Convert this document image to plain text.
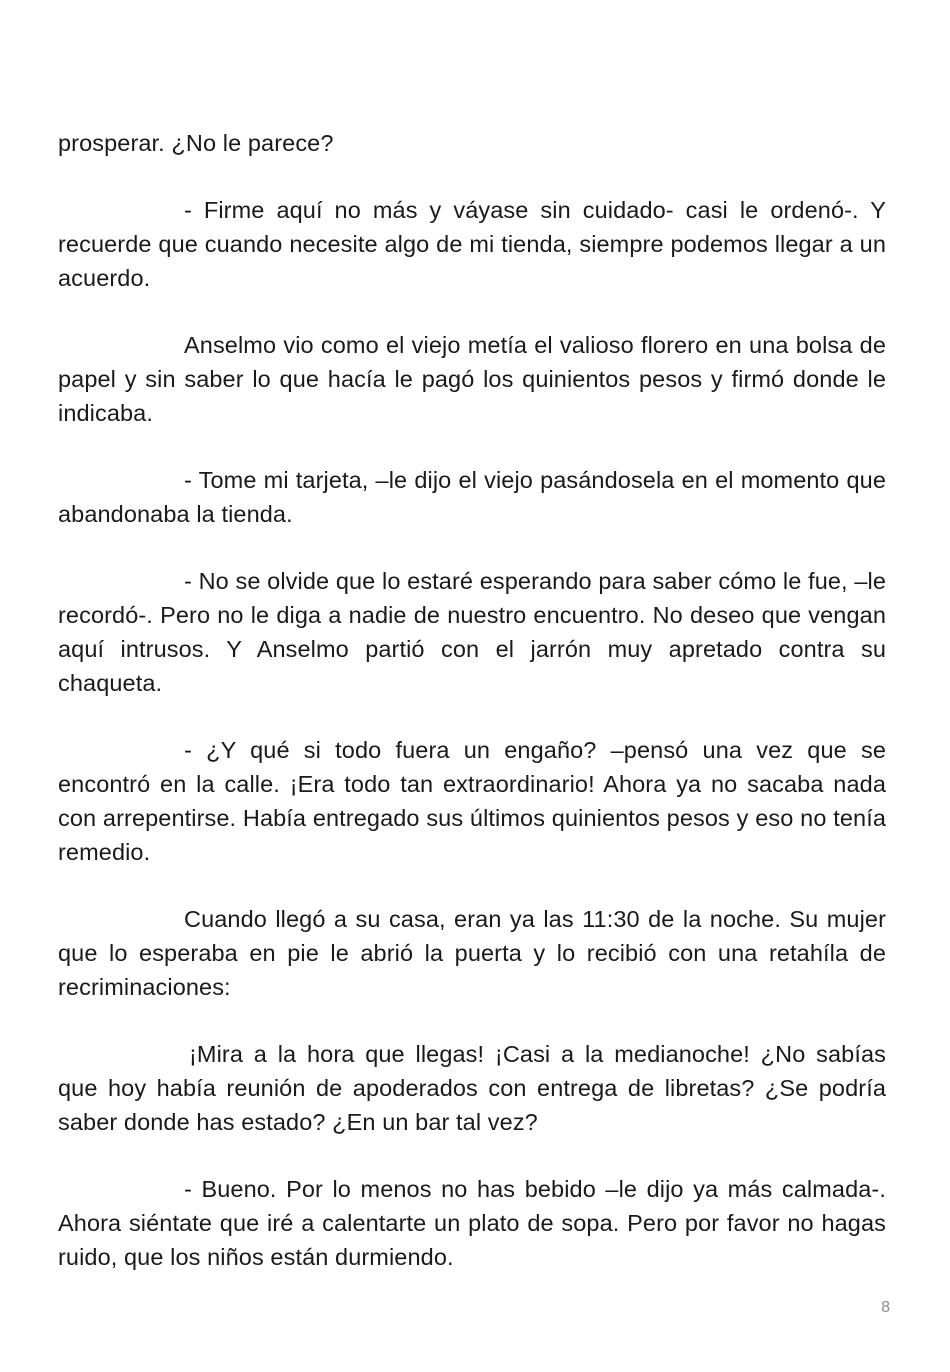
prosperar. ¿No le parece?

- Firme aquí no más y váyase sin cuidado- casi le ordenó-. Y recuerde que cuando necesite algo de mi tienda, siempre podemos llegar a un acuerdo.

Anselmo vio como el viejo metía el valioso florero en una bolsa de papel y sin saber lo que hacía le pagó los quinientos pesos y firmó donde le indicaba.

- Tome mi tarjeta, –le dijo el viejo pasándosela en el momento que abandonaba la tienda.

- No se olvide que lo estaré esperando para saber cómo le fue, –le recordó-. Pero no le diga a nadie de nuestro encuentro. No deseo que vengan aquí intrusos. Y Anselmo partió con el jarrón muy apretado contra su chaqueta.

- ¿Y qué si todo fuera un engaño? –pensó una vez que se encontró en la calle. ¡Era todo tan extraordinario! Ahora ya no sacaba nada con arrepentirse. Había entregado sus últimos quinientos pesos y eso no tenía remedio.

Cuando llegó a su casa, eran ya las 11:30 de la noche. Su mujer que lo esperaba en pie le abrió la puerta y lo recibió con una retahíla de recriminaciones:

¡Mira a la hora que llegas! ¡Casi a la medianoche! ¿No sabías que hoy había reunión de apoderados con entrega de libretas? ¿Se podría saber donde has estado? ¿En un bar tal vez?

- Bueno. Por lo menos no has bebido –le dijo ya más calmada-. Ahora siéntate que iré a calentarte un plato de sopa. Pero por favor no hagas ruido, que los niños están durmiendo.

8
